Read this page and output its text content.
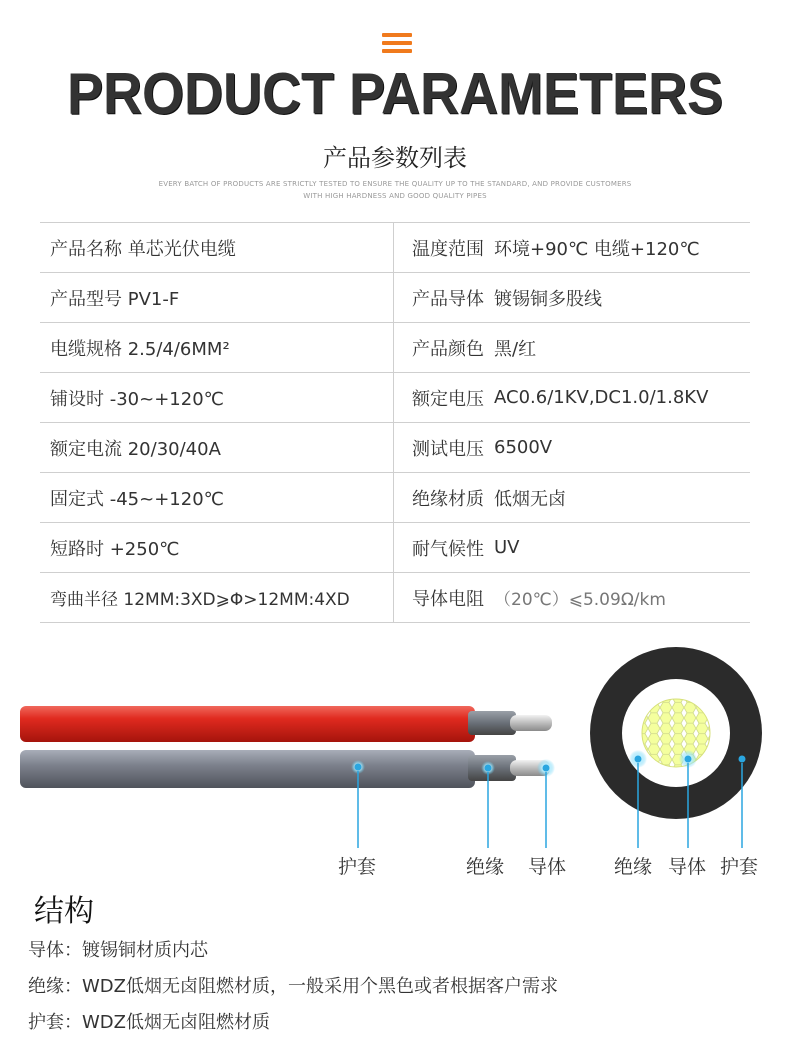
PRODUCT PARAMETERS
产品参数列表
EVERY BATCH OF PRODUCTS ARE STRICTLY TESTED TO ENSURE THE QUALITY UP TO THE STANDARD, AND PROVIDE CUSTOMERS
WITH HIGH HARDNESS AND GOOD QUALITY PIPES
产品名称 单芯光伏电缆	温度范围 环境+90℃ 电缆+120℃
产品型号 PV1-F	产品导体 镀锡铜多股线
电缆规格 2.5/4/6MM²	产品颜色 黑/红
铺设时 -30~+120℃	额定电压 AC0.6/1KV,DC1.0/1.8KV
额定电流 20/30/40A	测试电压 6500V
固定式 -45~+120℃	绝缘材质 低烟无卤
短路时 +250℃	耐气候性 UV
弯曲半径 12MM:3XD⩾Φ>12MM:4XD	导体电阻 （20℃）⩽5.09Ω/km
护套	绝缘 导体	绝缘 导体 护套
结构
导体：镀锡铜材质内芯
绝缘：WDZ低烟无卤阻燃材质，一般采用个黑色或者根据客户需求
护套：WDZ低烟无卤阻燃材质
